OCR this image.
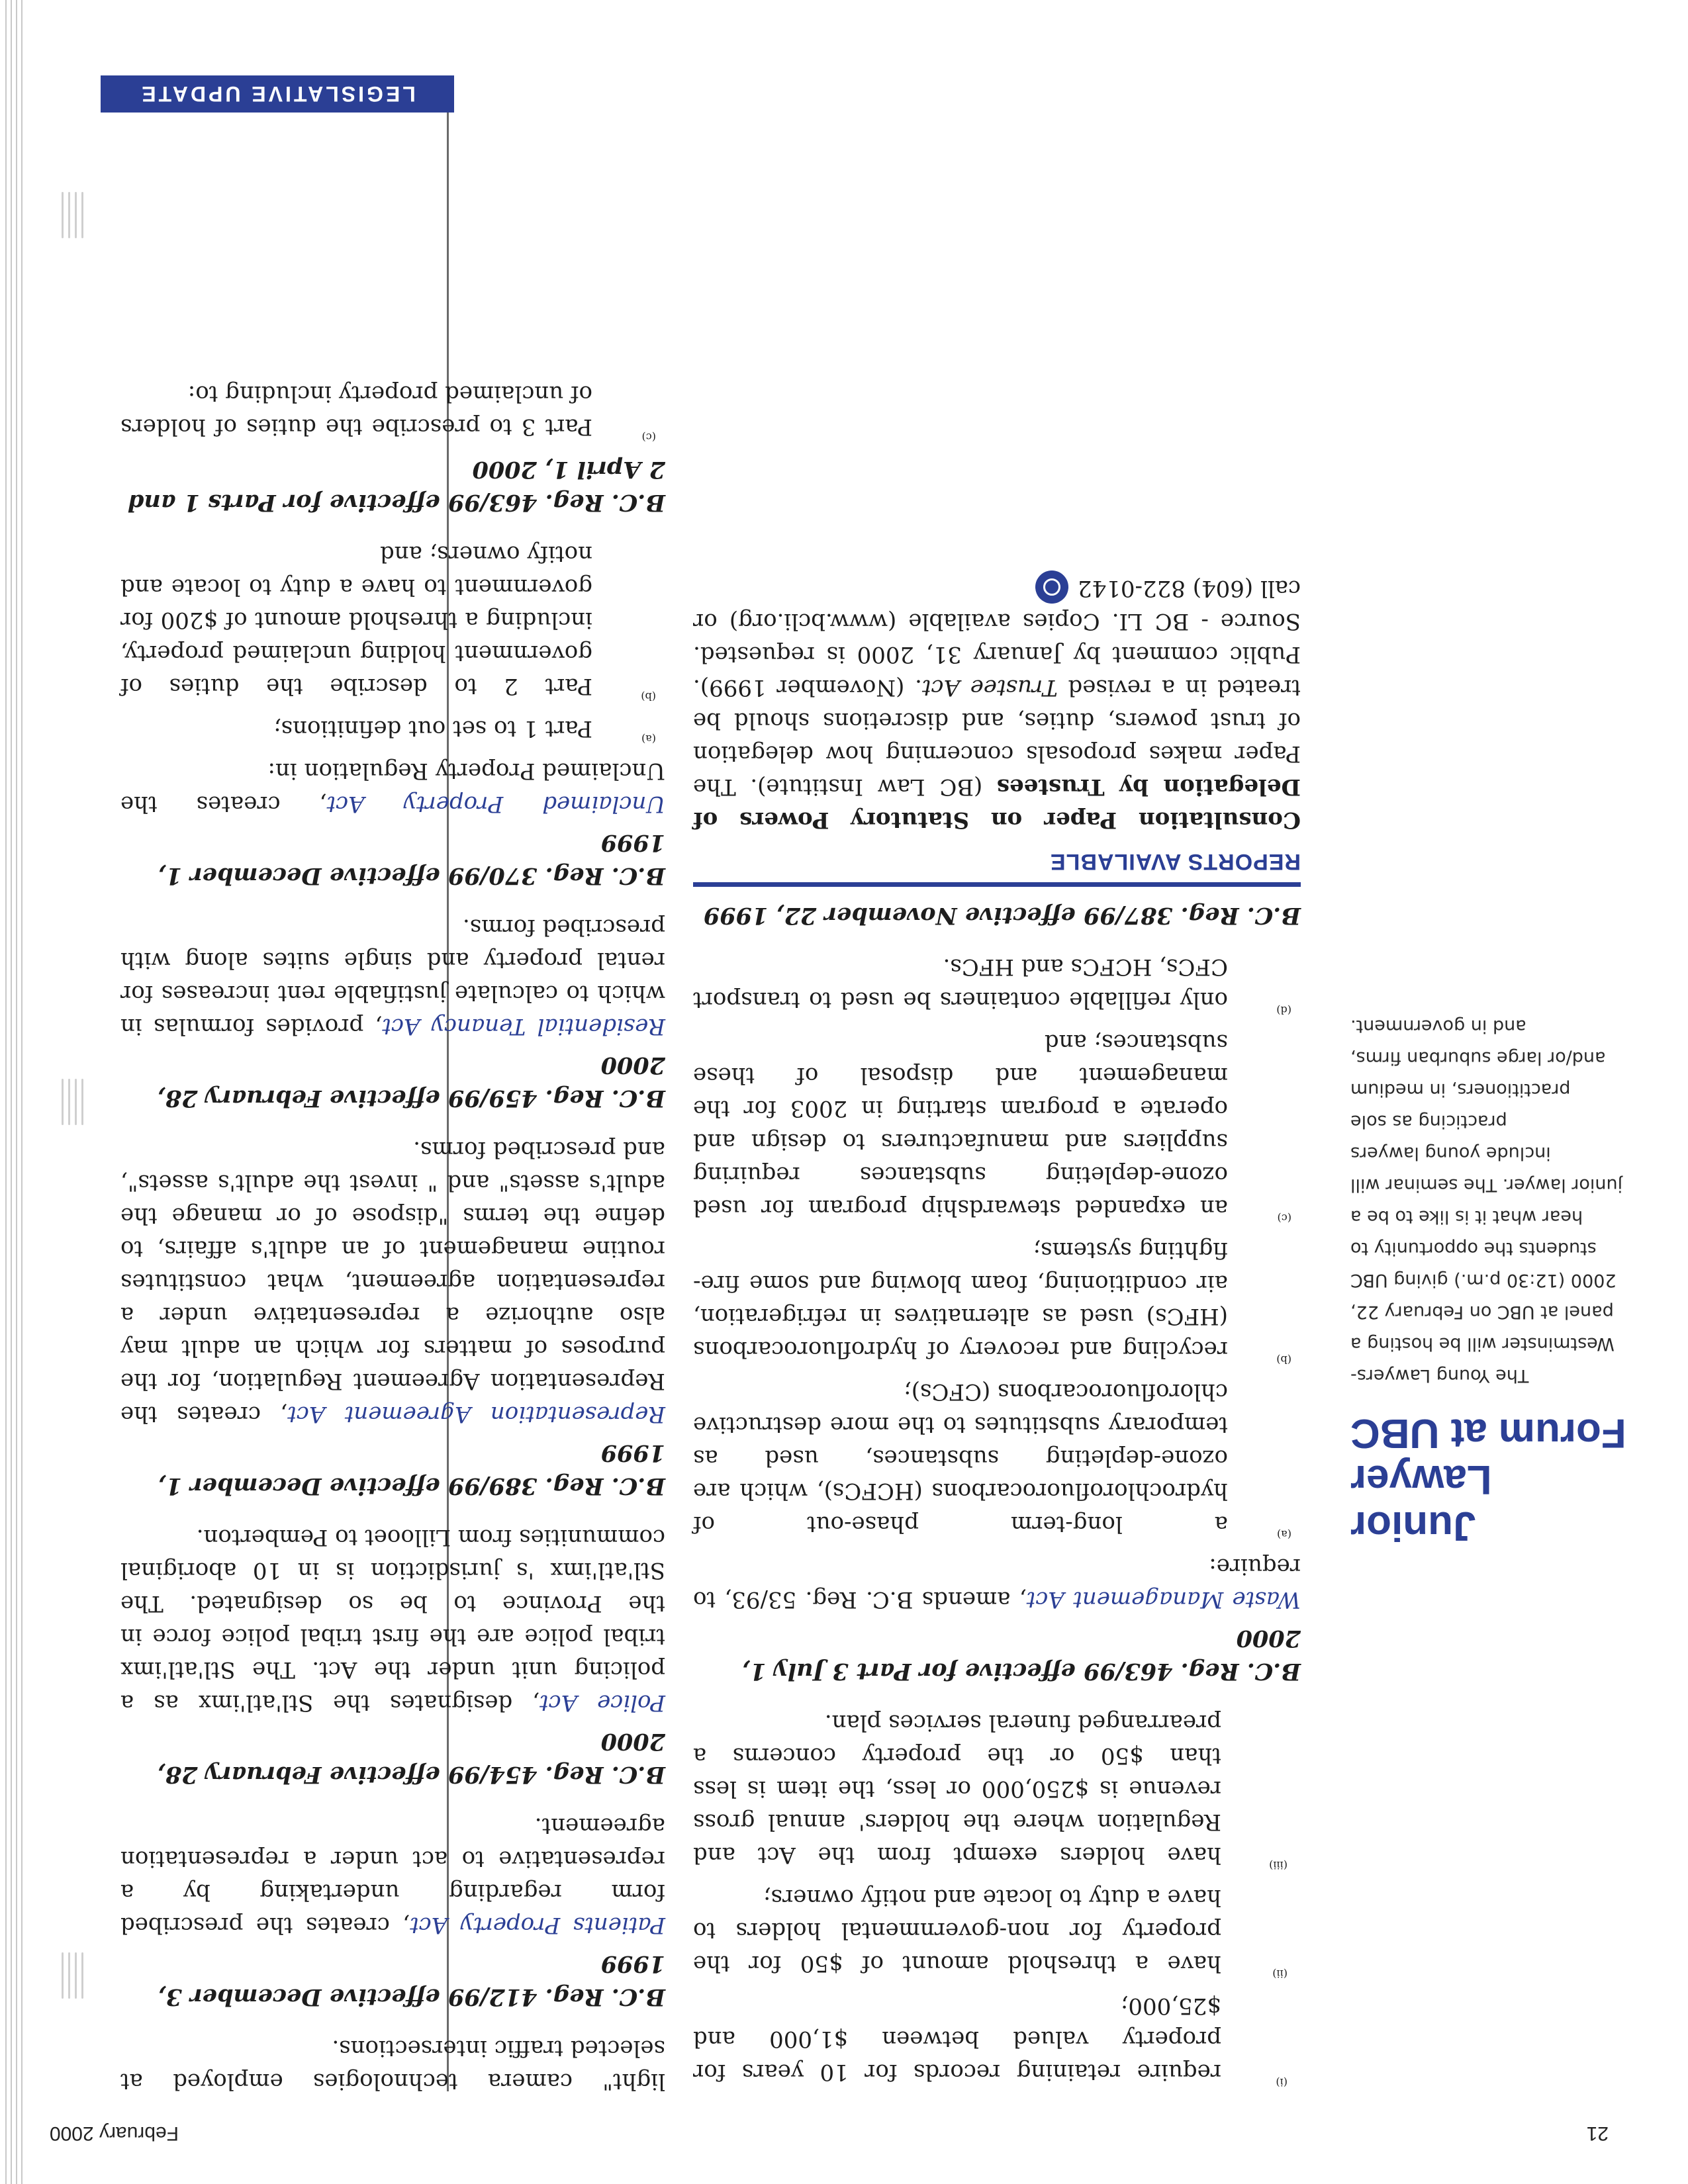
21
February 2000
Junior Lawyer Forum at UBC

The Young Lawyers-Westminster will be hosting a panel at UBC on February 22, 2000 (12:30 p.m.) giving UBC students the opportunity to hear what it is like to be a junior lawyer. The seminar will include young lawyers practicing as sole practitioners, in medium and/or large suburban firms, and in government.

(i)

require retaining records for 10 years for property valued between $1,000 and $25,000;

(ii)

have a threshold amount of $50 for the property for non-governmental holders to have a duty to locate and notify owners;

(iii)

have holders exempt from the Act and Regulation where the holders' annual gross revenue is $250,000 or less, the item is less than $50 or the property concerns a prearranged funeral services plan.

B.C. Reg. 463/99 effective for Part 3 July 1, 2000

Waste Management Act, amends B.C. Reg. 53/93, to require:

(a)

a long-term phase-out of hydrochlorofluorocarbons (HCFCs), which are ozone-depleting substances, used as temporary substitutes to the more destructive chlorofluorocarbons (CFCs);

(b)

recycling and recovery of hydrofluorocarbons (HFCs) used as alternatives in refrigeration, air conditioning, foam blowing and some fire-fighting systems;

(c)

an expanded stewardship program for used ozone-depleting substances requiring suppliers and manufacturers to design and operate a program starting in 2003 for the management and disposal of these substances; and

(d)

only refillable containers be used to transport CFCs, HCFCs and HFCs.

B.C. Reg. 387/99 effective November 22, 1999
REPORTS AVAILABLE

Consultation Paper on Statutory Powers of Delegation by Trustees (BC Law Institute). The Paper makes proposals concerning how delegation of trust powers, duties, and discretions should be treated in a revised Trustee Act. (November 1999). Public comment by January 31, 2000 is requested. Source - BC LI. Copies available (www.bcli.org) or call (604) 822-0142

light" camera technologies employed at selected traffic intersections.

B.C. Reg. 412/99 effective December 3, 1999

Patients Property Act, creates the prescribed form regarding undertaking by a representative to act under a representation agreement.

B.C. Reg. 454/99 effective February 28, 2000

Police Act, designates the Stl'atl'imx as a policing unit under the Act. The Stl'atl'imx tribal police are the first tribal police force in the Province to be so designated. The Stl'atl'imx 's jurisdiction is in 10 aboriginal communities from Lillooet to Pemberton.

B.C. Reg. 389/99 effective December 1, 1999

Representation Agreement Act, creates the Representation Agreement Regulation, for the purposes of matters for which an adult may also authorize a representative under a representation agreement, what constitutes routine management of an adult's affairs, to define the terms "dispose of or manage the adult's assets" and " invest the adult's assets", and prescribed forms.

B.C. Reg. 459/99 effective February 28, 2000

Residential Tenancy Act, provides formulas in which to calculate justifiable rent increases for rental property and single suites along with prescribed forms.

B.C. Reg. 370/99 effective December 1, 1999

Unclaimed Property Act, creates the Unclaimed Property Regulation in:

(a)

Part 1 to set out definitions;

(b)

Part 2 to describe the duties of government holding unclaimed property, including a threshold amount of $200 for government to have a duty to locate and notify owners; and

B.C. Reg. 463/99 effective for Parts 1 and 2 April 1, 2000
(c)

Part 3 to prescribe the duties of holders of unclaimed property including to:

LEGISLATIVE UPDATE
